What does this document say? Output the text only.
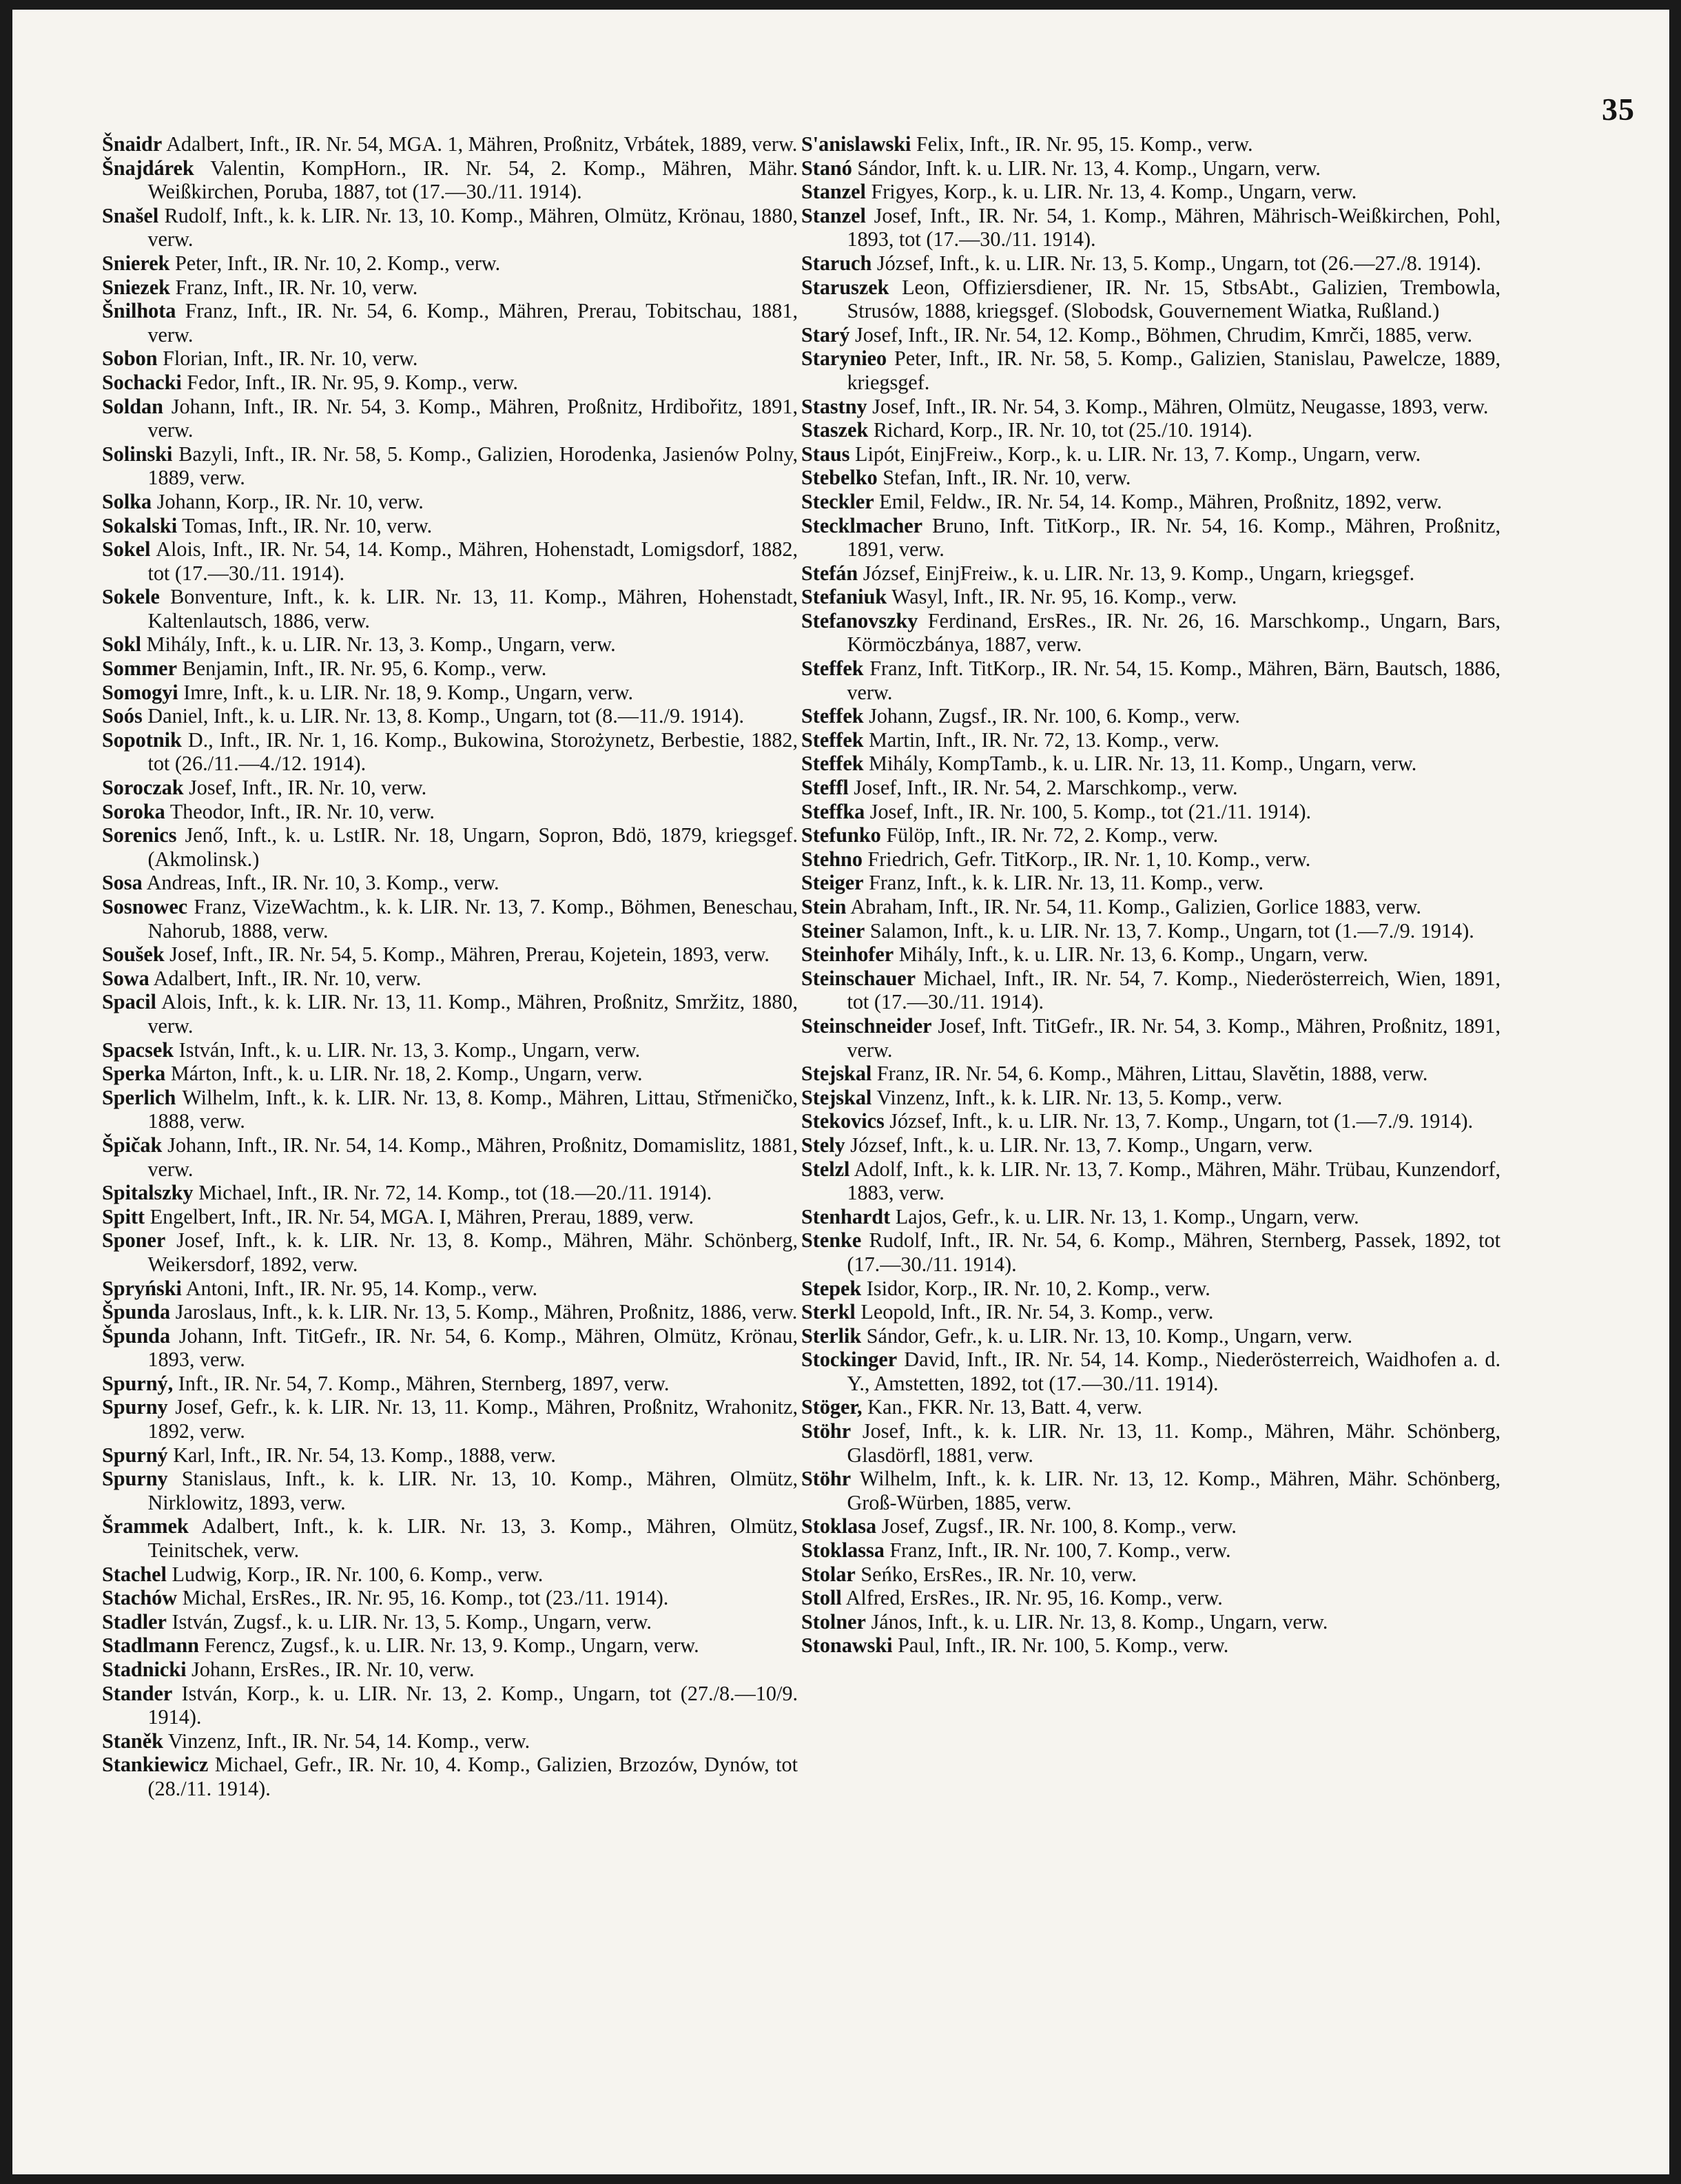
35
Šnaidr Adalbert, Inft., IR. Nr. 54, MGA. 1, Mähren, Proßnitz, Vrbátek, 1889, verw.
Šnajdárek Valentin, KompHorn., IR. Nr. 54, 2. Komp., Mähren, Mähr. Weißkirchen, Poruba, 1887, tot (17.—30./11. 1914).
Snašel Rudolf, Inft., k. k. LIR. Nr. 13, 10. Komp., Mähren, Olmütz, Krönau, 1880, verw.
Snierek Peter, Inft., IR. Nr. 10, 2. Komp., verw.
Sniezek Franz, Inft., IR. Nr. 10, verw.
Šnilhota Franz, Inft., IR. Nr. 54, 6. Komp., Mähren, Prerau, Tobitschau, 1881, verw.
Sobon Florian, Inft., IR. Nr. 10, verw.
Sochacki Fedor, Inft., IR. Nr. 95, 9. Komp., verw.
Soldan Johann, Inft., IR. Nr. 54, 3. Komp., Mähren, Proßnitz, Hrdibořitz, 1891, verw.
Solinski Bazyli, Inft., IR. Nr. 58, 5. Komp., Galizien, Horodenka, Jasienów Polny, 1889, verw.
Solka Johann, Korp., IR. Nr. 10, verw.
Sokalski Tomas, Inft., IR. Nr. 10, verw.
Sokel Alois, Inft., IR. Nr. 54, 14. Komp., Mähren, Hohenstadt, Lomigsdorf, 1882, tot (17.—30./11. 1914).
Sokele Bonventure, Inft., k. k. LIR. Nr. 13, 11. Komp., Mähren, Hohenstadt, Kaltenlautsch, 1886, verw.
Sokl Mihály, Inft., k. u. LIR. Nr. 13, 3. Komp., Ungarn, verw.
Sommer Benjamin, Inft., IR. Nr. 95, 6. Komp., verw.
Somogyi Imre, Inft., k. u. LIR. Nr. 18, 9. Komp., Ungarn, verw.
Soós Daniel, Inft., k. u. LIR. Nr. 13, 8. Komp., Ungarn, tot (8.—11./9. 1914).
Sopotnik D., Inft., IR. Nr. 1, 16. Komp., Bukowina, Storożynetz, Berbestie, 1882, tot (26./11.—4./12. 1914).
Soroczak Josef, Inft., IR. Nr. 10, verw.
Soroka Theodor, Inft., IR. Nr. 10, verw.
Sorenics Jenő, Inft., k. u. LstIR. Nr. 18, Ungarn, Sopron, Bdö, 1879, kriegsgef. (Akmolinsk.)
Sosa Andreas, Inft., IR. Nr. 10, 3. Komp., verw.
Sosnowec Franz, VizeWachtm., k. k. LIR. Nr. 13, 7. Komp., Böhmen, Beneschau, Nahorub, 1888, verw.
Soušek Josef, Inft., IR. Nr. 54, 5. Komp., Mähren, Prerau, Kojetein, 1893, verw.
Sowa Adalbert, Inft., IR. Nr. 10, verw.
Spacil Alois, Inft., k. k. LIR. Nr. 13, 11. Komp., Mähren, Proßnitz, Smržitz, 1880, verw.
Spacsek István, Inft., k. u. LIR. Nr. 13, 3. Komp., Ungarn, verw.
Sperka Márton, Inft., k. u. LIR. Nr. 18, 2. Komp., Ungarn, verw.
Sperlich Wilhelm, Inft., k. k. LIR. Nr. 13, 8. Komp., Mähren, Littau, Střmeničko, 1888, verw.
Špičak Johann, Inft., IR. Nr. 54, 14. Komp., Mähren, Proßnitz, Domamislitz, 1881, verw.
Spitalszky Michael, Inft., IR. Nr. 72, 14. Komp., tot (18.—20./11. 1914).
Spitt Engelbert, Inft., IR. Nr. 54, MGA. I, Mähren, Prerau, 1889, verw.
Sponer Josef, Inft., k. k. LIR. Nr. 13, 8. Komp., Mähren, Mähr. Schönberg, Weikersdorf, 1892, verw.
Spryński Antoni, Inft., IR. Nr. 95, 14. Komp., verw.
Špunda Jaroslaus, Inft., k. k. LIR. Nr. 13, 5. Komp., Mähren, Proßnitz, 1886, verw.
Špunda Johann, Inft. TitGefr., IR. Nr. 54, 6. Komp., Mähren, Olmütz, Krönau, 1893, verw.
Spurný, Inft., IR. Nr. 54, 7. Komp., Mähren, Sternberg, 1897, verw.
Spurny Josef, Gefr., k. k. LIR. Nr. 13, 11. Komp., Mähren, Proßnitz, Wrahonitz, 1892, verw.
Spurný Karl, Inft., IR. Nr. 54, 13. Komp., 1888, verw.
Spurny Stanislaus, Inft., k. k. LIR. Nr. 13, 10. Komp., Mähren, Olmütz, Nirklowitz, 1893, verw.
Šrammek Adalbert, Inft., k. k. LIR. Nr. 13, 3. Komp., Mähren, Olmütz, Teinitschek, verw.
Stachel Ludwig, Korp., IR. Nr. 100, 6. Komp., verw.
Stachów Michal, ErsRes., IR. Nr. 95, 16. Komp., tot (23./11. 1914).
Stadler István, Zugsf., k. u. LIR. Nr. 13, 5. Komp., Ungarn, verw.
Stadlmann Ferencz, Zugsf., k. u. LIR. Nr. 13, 9. Komp., Ungarn, verw.
Stadnicki Johann, ErsRes., IR. Nr. 10, verw.
Stander István, Korp., k. u. LIR. Nr. 13, 2. Komp., Ungarn, tot (27./8.—10/9. 1914).
Staněk Vinzenz, Inft., IR. Nr. 54, 14. Komp., verw.
Stankiewicz Michael, Gefr., IR. Nr. 10, 4. Komp., Galizien, Brzozów, Dynów, tot (28./11. 1914).
S'anislawski Felix, Inft., IR. Nr. 95, 15. Komp., verw.
Stanó Sándor, Inft. k. u. LIR. Nr. 13, 4. Komp., Ungarn, verw.
Stanzel Frigyes, Korp., k. u. LIR. Nr. 13, 4. Komp., Ungarn, verw.
Stanzel Josef, Inft., IR. Nr. 54, 1. Komp., Mähren, Mährisch-Weißkirchen, Pohl, 1893, tot (17.—30./11. 1914).
Staruch József, Inft., k. u. LIR. Nr. 13, 5. Komp., Ungarn, tot (26.—27./8. 1914).
Staruszek Leon, Offiziersdiener, IR. Nr. 15, StbsAbt., Galizien, Trembowla, Strusów, 1888, kriegsgef. (Slobodsk, Gouvernement Wiatka, Rußland.)
Starý Josef, Inft., IR. Nr. 54, 12. Komp., Böhmen, Chrudim, Kmrči, 1885, verw.
Starynieo Peter, Inft., IR. Nr. 58, 5. Komp., Galizien, Stanislau, Pawelcze, 1889, kriegsgef.
Stastny Josef, Inft., IR. Nr. 54, 3. Komp., Mähren, Olmütz, Neugasse, 1893, verw.
Staszek Richard, Korp., IR. Nr. 10, tot (25./10. 1914).
Staus Lipót, EinjFreiw., Korp., k. u. LIR. Nr. 13, 7. Komp., Ungarn, verw.
Stebelko Stefan, Inft., IR. Nr. 10, verw.
Steckler Emil, Feldw., IR. Nr. 54, 14. Komp., Mähren, Proßnitz, 1892, verw.
Stecklmacher Bruno, Inft. TitKorp., IR. Nr. 54, 16. Komp., Mähren, Proßnitz, 1891, verw.
Stefán József, EinjFreiw., k. u. LIR. Nr. 13, 9. Komp., Ungarn, kriegsgef.
Stefaniuk Wasyl, Inft., IR. Nr. 95, 16. Komp., verw.
Stefanovszky Ferdinand, ErsRes., IR. Nr. 26, 16. Marschkomp., Ungarn, Bars, Körmöczbánya, 1887, verw.
Steffek Franz, Inft. TitKorp., IR. Nr. 54, 15. Komp., Mähren, Bärn, Bautsch, 1886, verw.
Steffek Johann, Zugsf., IR. Nr. 100, 6. Komp., verw.
Steffek Martin, Inft., IR. Nr. 72, 13. Komp., verw.
Steffek Mihály, KompTamb., k. u. LIR. Nr. 13, 11. Komp., Ungarn, verw.
Steffl Josef, Inft., IR. Nr. 54, 2. Marschkomp., verw.
Steffka Josef, Inft., IR. Nr. 100, 5. Komp., tot (21./11. 1914).
Stefunko Fülöp, Inft., IR. Nr. 72, 2. Komp., verw.
Stehno Friedrich, Gefr. TitKorp., IR. Nr. 1, 10. Komp., verw.
Steiger Franz, Inft., k. k. LIR. Nr. 13, 11. Komp., verw.
Stein Abraham, Inft., IR. Nr. 54, 11. Komp., Galizien, Gorlice 1883, verw.
Steiner Salamon, Inft., k. u. LIR. Nr. 13, 7. Komp., Ungarn, tot (1.—7./9. 1914).
Steinhofer Mihály, Inft., k. u. LIR. Nr. 13, 6. Komp., Ungarn, verw.
Steinschauer Michael, Inft., IR. Nr. 54, 7. Komp., Niederösterreich, Wien, 1891, tot (17.—30./11. 1914).
Steinschneider Josef, Inft. TitGefr., IR. Nr. 54, 3. Komp., Mähren, Proßnitz, 1891, verw.
Stejskal Franz, IR. Nr. 54, 6. Komp., Mähren, Littau, Slavětin, 1888, verw.
Stejskal Vinzenz, Inft., k. k. LIR. Nr. 13, 5. Komp., verw.
Stekovics József, Inft., k. u. LIR. Nr. 13, 7. Komp., Ungarn, tot (1.—7./9. 1914).
Stely József, Inft., k. u. LIR. Nr. 13, 7. Komp., Ungarn, verw.
Stelzl Adolf, Inft., k. k. LIR. Nr. 13, 7. Komp., Mähren, Mähr. Trübau, Kunzendorf, 1883, verw.
Stenhardt Lajos, Gefr., k. u. LIR. Nr. 13, 1. Komp., Ungarn, verw.
Stenke Rudolf, Inft., IR. Nr. 54, 6. Komp., Mähren, Sternberg, Passek, 1892, tot (17.—30./11. 1914).
Stepek Isidor, Korp., IR. Nr. 10, 2. Komp., verw.
Sterkl Leopold, Inft., IR. Nr. 54, 3. Komp., verw.
Sterlik Sándor, Gefr., k. u. LIR. Nr. 13, 10. Komp., Ungarn, verw.
Stockinger David, Inft., IR. Nr. 54, 14. Komp., Niederösterreich, Waidhofen a. d. Y., Amstetten, 1892, tot (17.—30./11. 1914).
Stöger, Kan., FKR. Nr. 13, Batt. 4, verw.
Stöhr Josef, Inft., k. k. LIR. Nr. 13, 11. Komp., Mähren, Mähr. Schönberg, Glasdörfl, 1881, verw.
Stöhr Wilhelm, Inft., k. k. LIR. Nr. 13, 12. Komp., Mähren, Mähr. Schönberg, Groß-Würben, 1885, verw.
Stoklasa Josef, Zugsf., IR. Nr. 100, 8. Komp., verw.
Stoklassa Franz, Inft., IR. Nr. 100, 7. Komp., verw.
Stolar Seńko, ErsRes., IR. Nr. 10, verw.
Stoll Alfred, ErsRes., IR. Nr. 95, 16. Komp., verw.
Stolner János, Inft., k. u. LIR. Nr. 13, 8. Komp., Ungarn, verw.
Stonawski Paul, Inft., IR. Nr. 100, 5. Komp., verw.
